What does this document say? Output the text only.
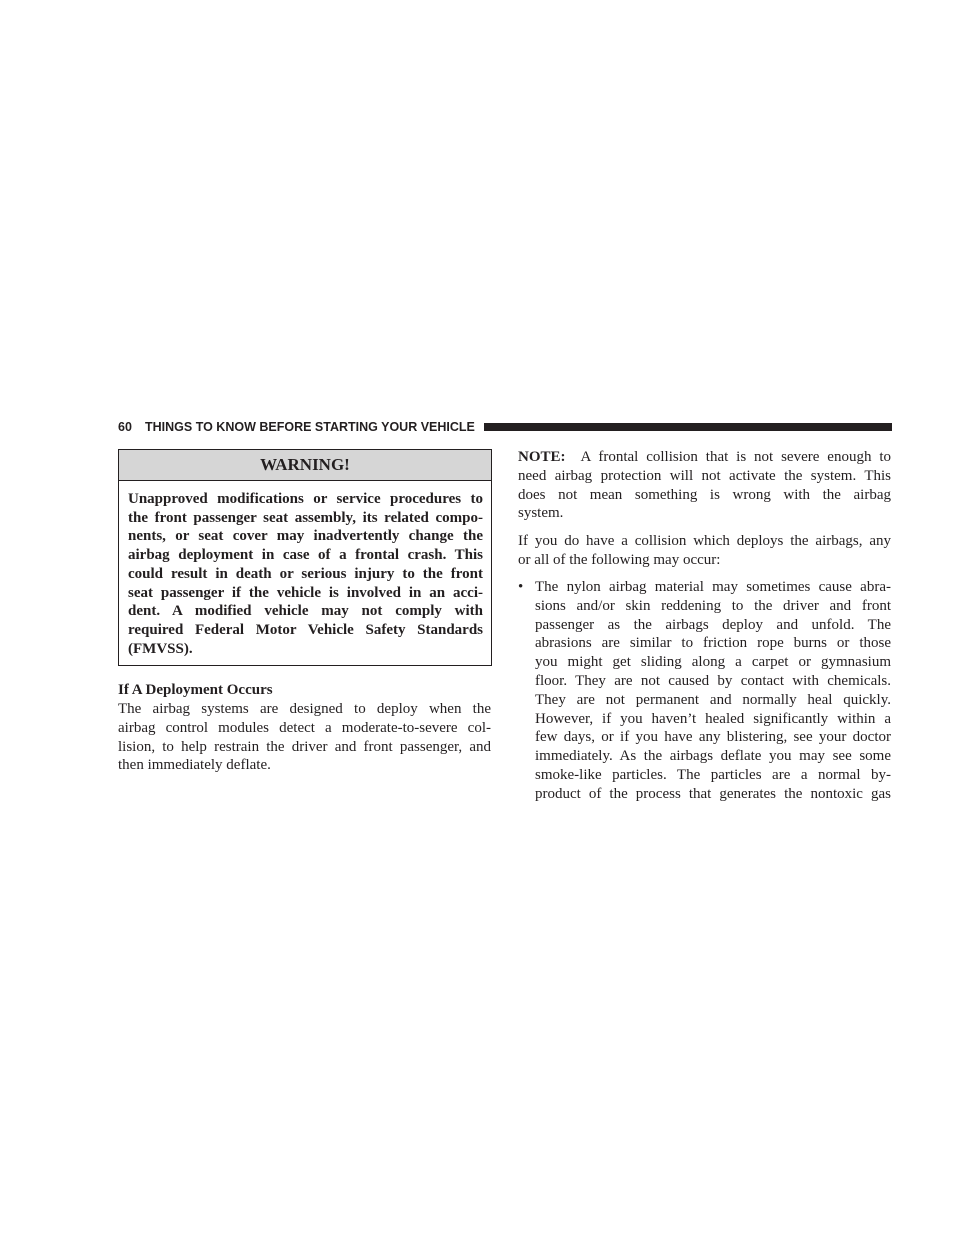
60 THINGS TO KNOW BEFORE STARTING YOUR VEHICLE
WARNING!
Unapproved modifications or service procedures to
the front passenger seat assembly, its related compo-
nents, or seat cover may inadvertently change the
airbag deployment in case of a frontal crash. This
could result in death or serious injury to the front
seat passenger if the vehicle is involved in an acci-
dent. A modified vehicle may not comply with
required Federal Motor Vehicle Safety Standards
(FMVSS).
If A Deployment Occurs
The airbag systems are designed to deploy when the
airbag control modules detect a moderate-to-severe col-
lision, to help restrain the driver and front passenger, and
then immediately deflate.
NOTE: A frontal collision that is not severe enough to
need airbag protection will not activate the system. This
does not mean something is wrong with the airbag
system.
If you do have a collision which deploys the airbags, any
or all of the following may occur:
• The nylon airbag material may sometimes cause abra-
sions and/or skin reddening to the driver and front
passenger as the airbags deploy and unfold. The
abrasions are similar to friction rope burns or those
you might get sliding along a carpet or gymnasium
floor. They are not caused by contact with chemicals.
They are not permanent and normally heal quickly.
However, if you haven’t healed significantly within a
few days, or if you have any blistering, see your doctor
immediately. As the airbags deflate you may see some
smoke-like particles. The particles are a normal by-
product of the process that generates the nontoxic gas
